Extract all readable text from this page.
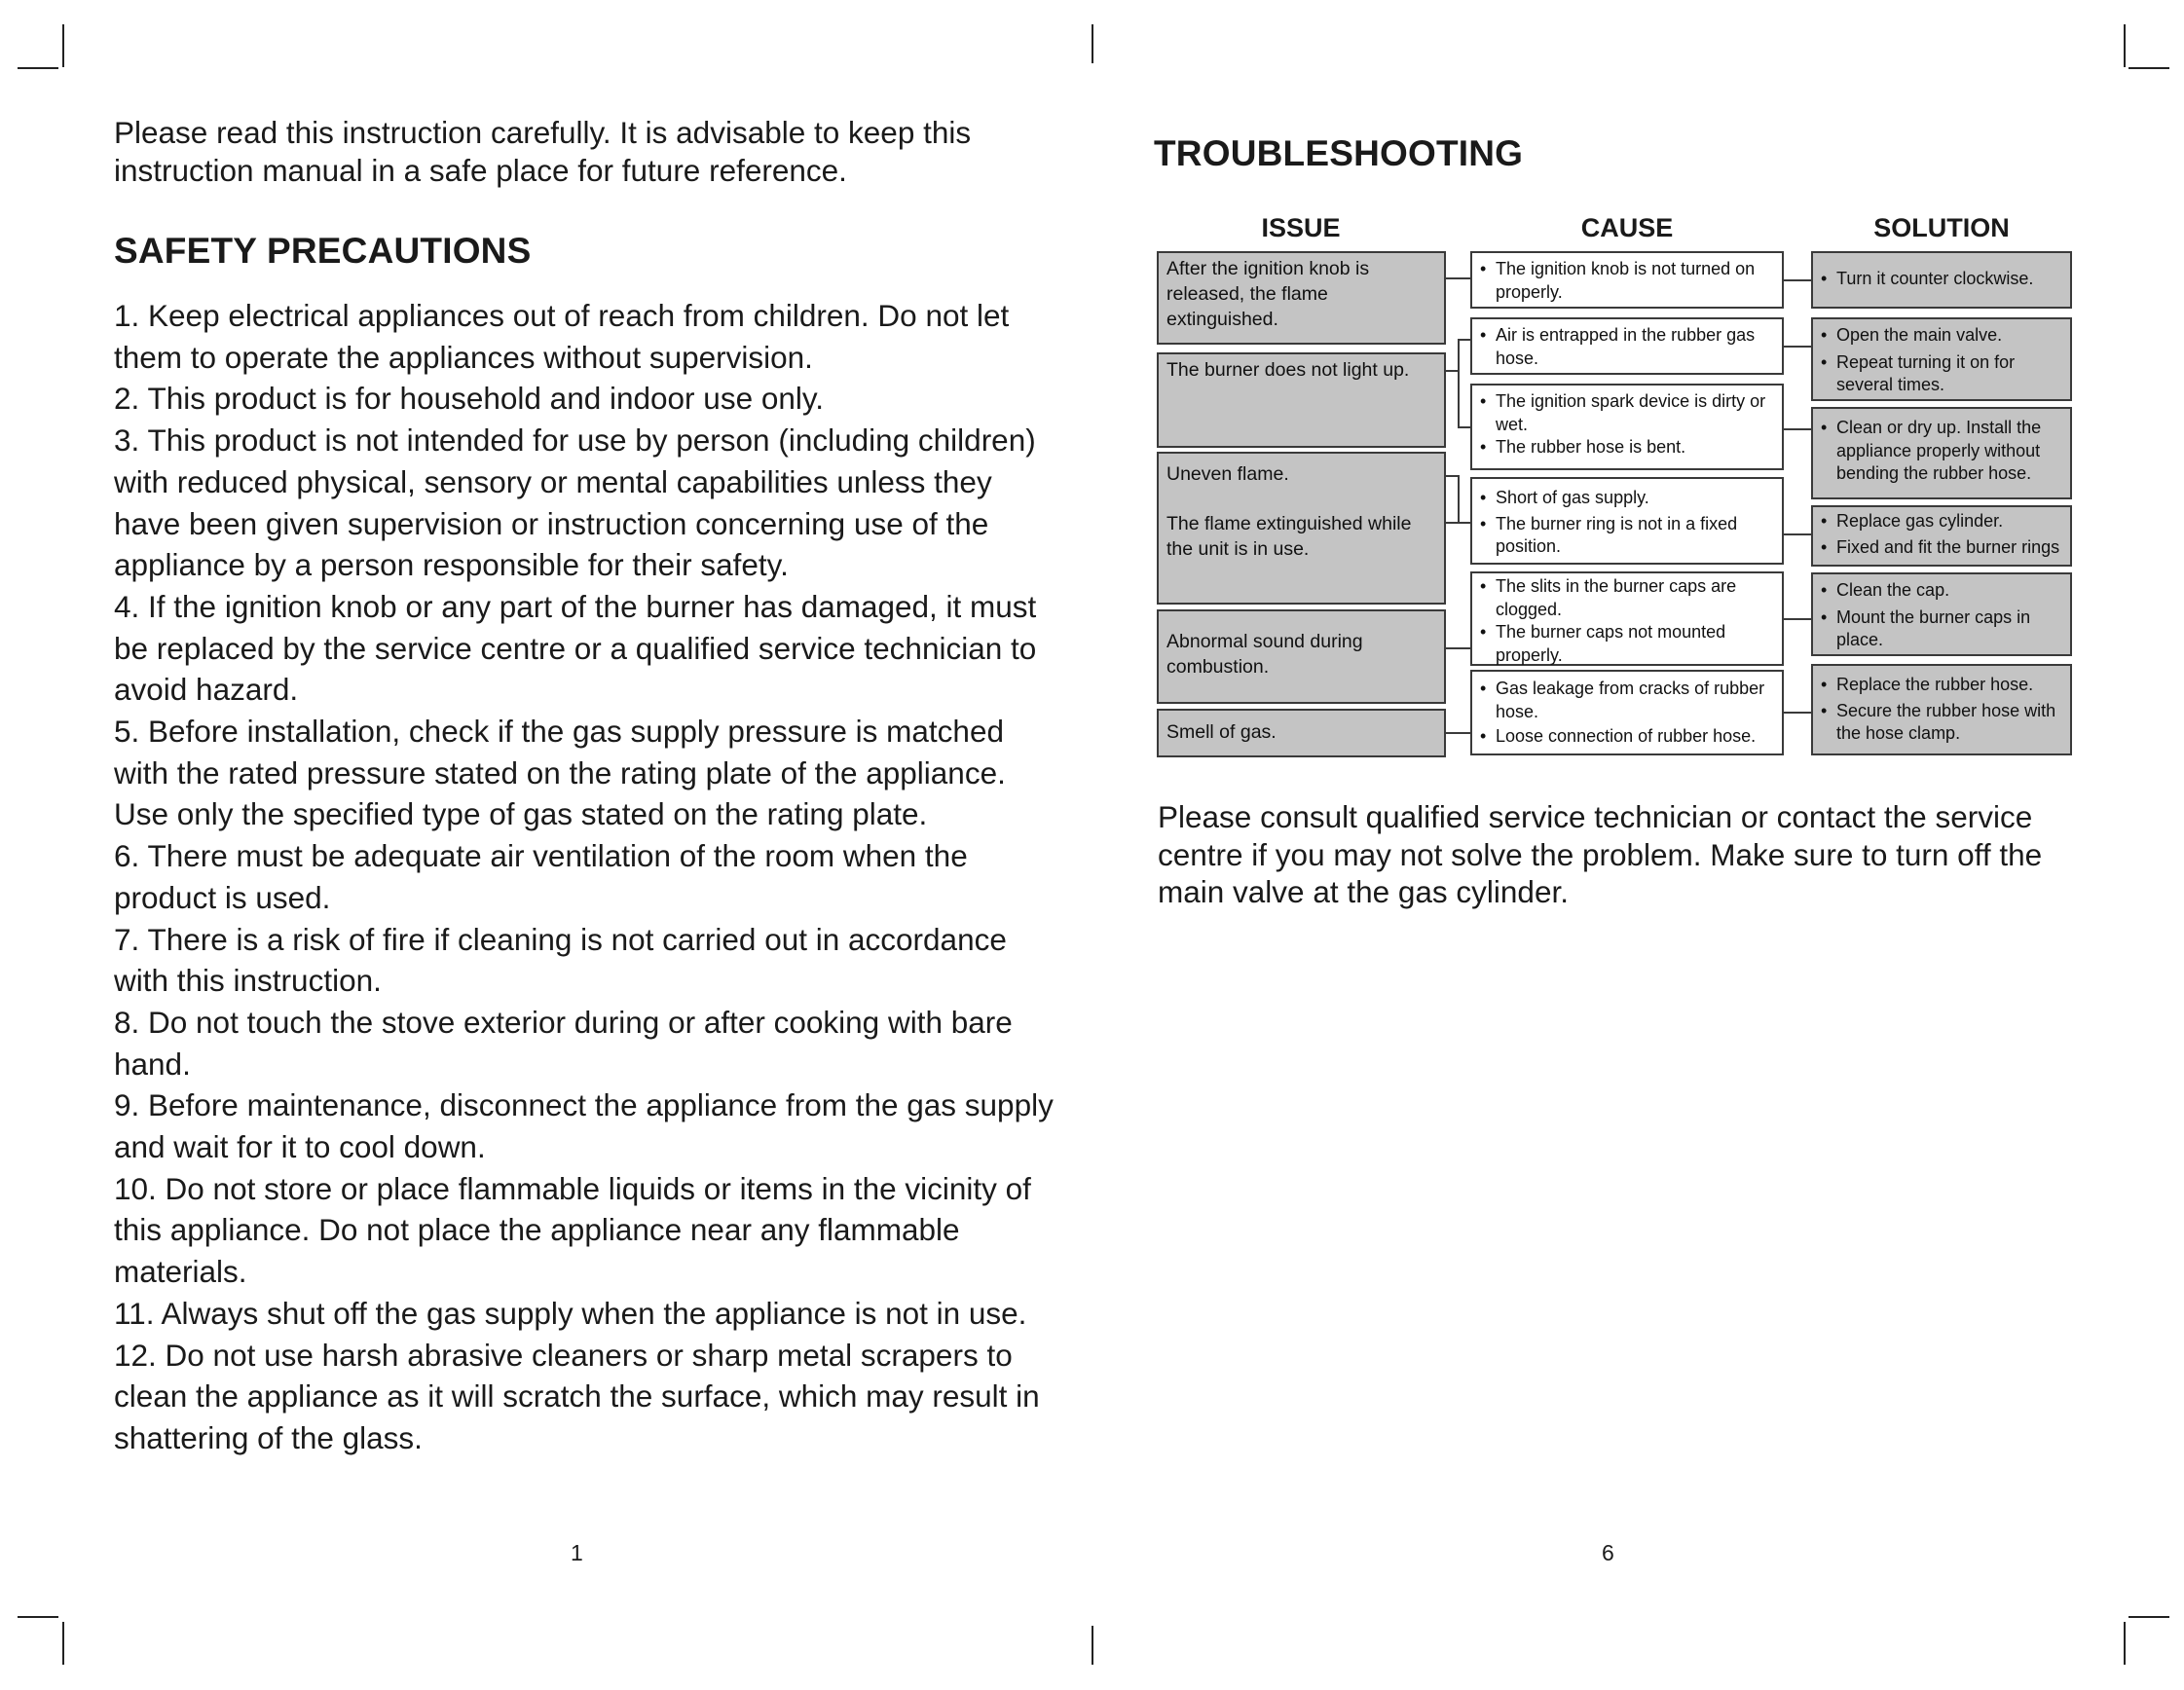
Please read this instruction carefully. It is advisable to keep this instruction manual in a safe place for future reference.

SAFETY PRECAUTIONS
1. Keep electrical appliances out of reach from children. Do not let them to operate the appliances without supervision.
2. This product is for household and indoor use only.
3. This product is not intended for use by person (including children) with reduced physical, sensory or mental capabilities unless they have been given supervision or instruction concerning use of the appliance by a person responsible for their safety.
4. If the ignition knob or any part of the burner has damaged, it must be replaced by the service centre or a qualified service technician to avoid hazard.
5. Before installation, check if the gas supply pressure is matched with the rated pressure stated on the rating plate of the appliance. Use only the specified type of gas stated on the rating plate.
6. There must be adequate air ventilation of the room when the product is used.
7. There is a risk of fire if cleaning is not carried out in accordance with this instruction.
8. Do not touch the stove exterior during or after cooking with bare hand.
9. Before maintenance, disconnect the appliance from the gas supply and wait for it to cool down.
10. Do not store or place flammable liquids or items in the vicinity of this appliance. Do not place the appliance near any flammable materials.
11. Always shut off the gas supply when the appliance is not in use.
12. Do not use harsh abrasive cleaners or sharp metal scrapers to clean the appliance as it will scratch the surface, which may result in shattering of the glass.
1
TROUBLESHOOTING
ISSUE	CAUSE	SOLUTION
After the ignition knob is released, the flame extinguished.
The burner does not light up.
Uneven flame.
The flame extinguished while the unit is in use.
Abnormal sound during combustion.
Smell of gas.
• The ignition knob is not turned on properly.
• Air is entrapped in the rubber gas hose.
• The ignition spark device is dirty or wet.
• The rubber hose is bent.
• Short of gas supply.
• The burner ring is not in a fixed position.
• The slits in the burner caps are clogged.
• The burner caps not mounted properly.
• Gas leakage from cracks of rubber hose.
• Loose connection of rubber hose.
• Turn it counter clockwise.
• Open the main valve.
• Repeat turning it on for several times.
• Clean or dry up. Install the appliance properly without bending the rubber hose.
• Replace gas cylinder.
• Fixed and fit the burner rings
• Clean the cap.
• Mount the burner caps in place.
• Replace the rubber hose.
• Secure the rubber hose with the hose clamp.

Please consult qualified service technician or contact the service centre if you may not solve the problem. Make sure to turn off the main valve at the gas cylinder.

6
